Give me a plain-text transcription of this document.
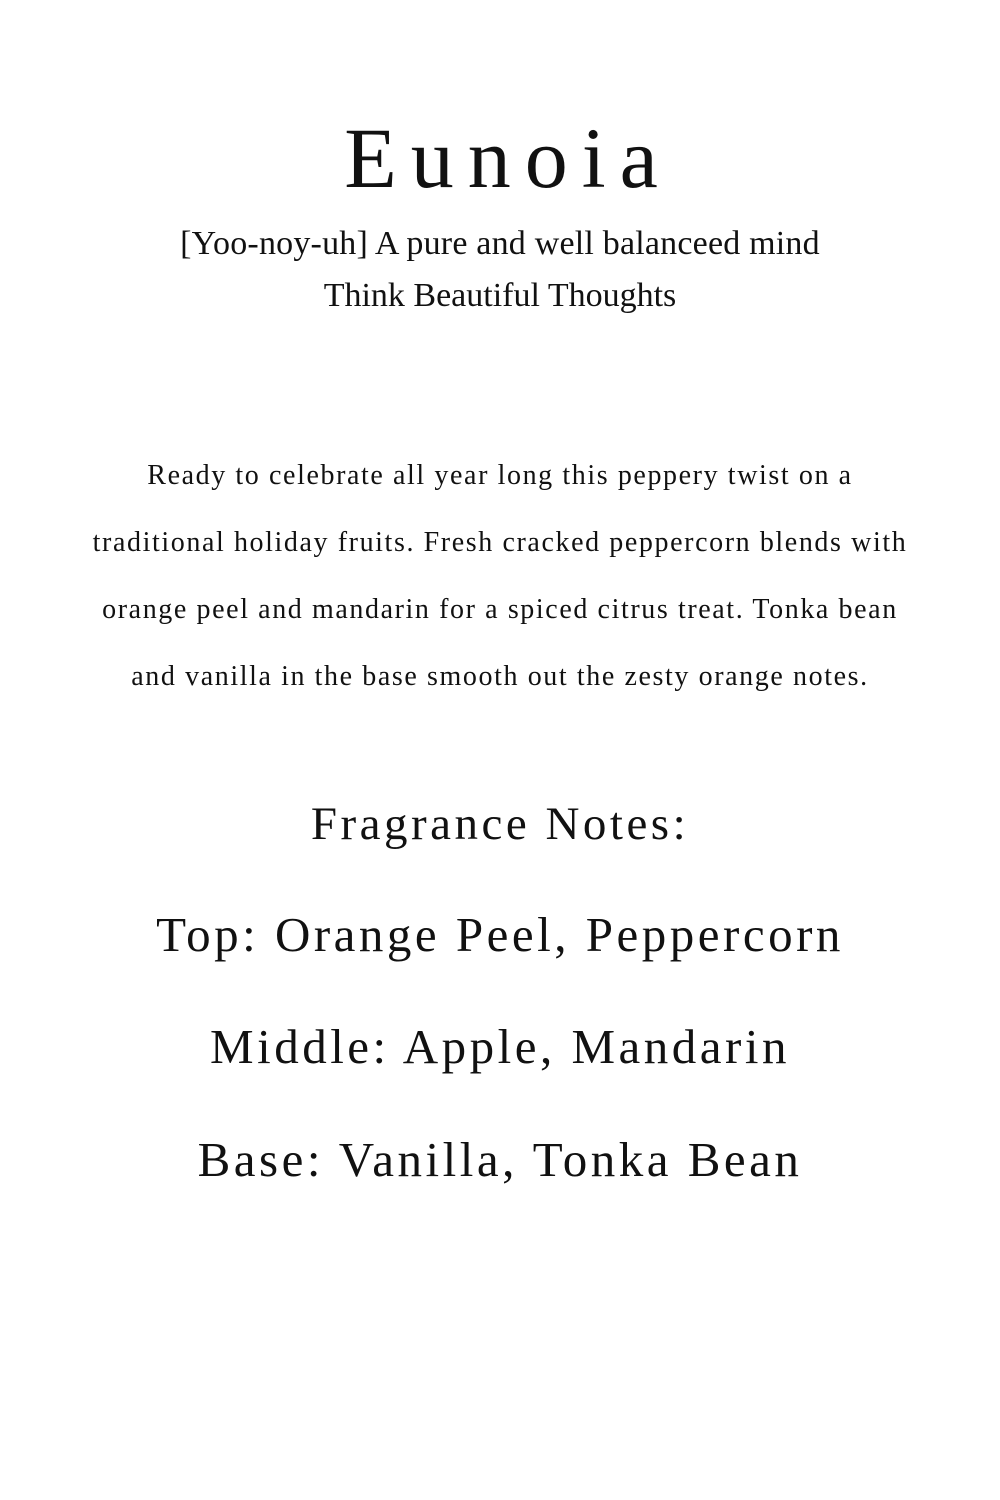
Eunoia
[Yoo-noy-uh] A pure and well balanceed mind
Think Beautiful Thoughts
Ready to celebrate all year long this peppery twist on a
traditional holiday fruits. Fresh cracked peppercorn blends with
orange peel and mandarin for a spiced citrus treat. Tonka bean
and vanilla in the base smooth out the zesty orange notes.
Fragrance Notes:
Top: Orange Peel, Peppercorn
Middle: Apple, Mandarin
Base: Vanilla, Tonka Bean
